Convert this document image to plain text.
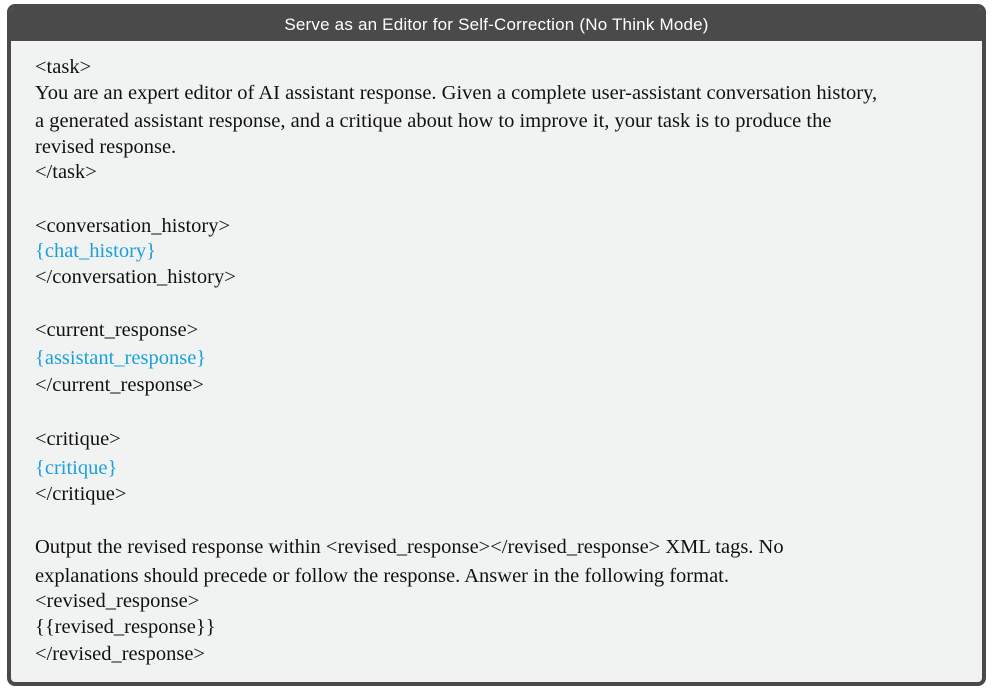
Serve as an Editor for Self-Correction (No Think Mode)
<task>
You are an expert editor of AI assistant response. Given a complete user-assistant conversation history,
a generated assistant response, and a critique about how to improve it, your task is to produce the
revised response.
</task>
<conversation_history>
{chat_history}
</conversation_history>
<current_response>
{assistant_response}
</current_response>
<critique>
{critique}
</critique>
Output the revised response within <revised_response></revised_response> XML tags. No
explanations should precede or follow the response. Answer in the following format.
<revised_response>
{{revised_response}}
</revised_response>
